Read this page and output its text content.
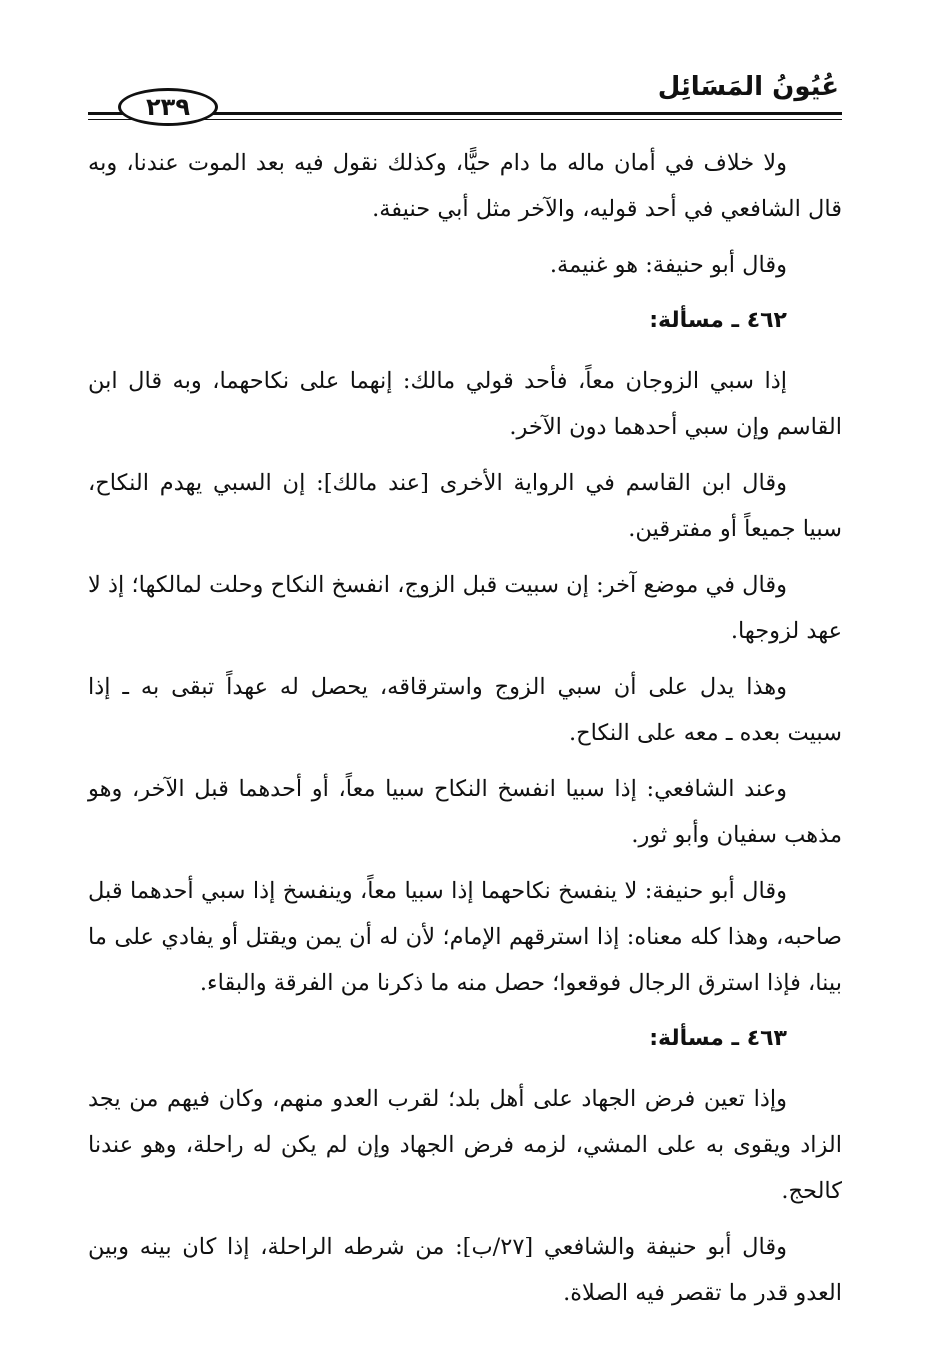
عُيُونُ المَسَائِل
٢٣٩

ولا خلاف في أمان ماله ما دام حيًّا، وكذلك نقول فيه بعد الموت عندنا، وبه قال الشافعي في أحد قوليه، والآخر مثل أبي حنيفة.

وقال أبو حنيفة: هو غنيمة.

٤٦٢ ـ مسألة:

إذا سبي الزوجان معاً، فأحد قولي مالك: إنهما على نكاحهما، وبه قال ابن القاسم وإن سبي أحدهما دون الآخر.

وقال ابن القاسم في الرواية الأخرى [عند مالك]: إن السبي يهدم النكاح، سبيا جميعاً أو مفترقين.

وقال في موضع آخر: إن سبيت قبل الزوج، انفسخ النكاح وحلت لمالكها؛ إذ لا عهد لزوجها.

وهذا يدل على أن سبي الزوج واسترقاقه، يحصل له عهداً تبقى به ـ إذا سبيت بعده ـ معه على النكاح.

وعند الشافعي: إذا سبيا انفسخ النكاح سبيا معاً، أو أحدهما قبل الآخر، وهو مذهب سفيان وأبو ثور.

وقال أبو حنيفة: لا ينفسخ نكاحهما إذا سبيا معاً، وينفسخ إذا سبي أحدهما قبل صاحبه، وهذا كله معناه: إذا استرقهم الإمام؛ لأن له أن يمن ويقتل أو يفادي على ما بينا، فإذا استرق الرجال فوقعوا؛ حصل منه ما ذكرنا من الفرقة والبقاء.

٤٦٣ ـ مسألة:

وإذا تعين فرض الجهاد على أهل بلد؛ لقرب العدو منهم، وكان فيهم من يجد الزاد ويقوى به على المشي، لزمه فرض الجهاد وإن لم يكن له راحلة، وهو عندنا كالحج.

وقال أبو حنيفة والشافعي [٢٧/ب]: من شرطه الراحلة، إذا كان بينه وبين العدو قدر ما تقصر فيه الصلاة.
